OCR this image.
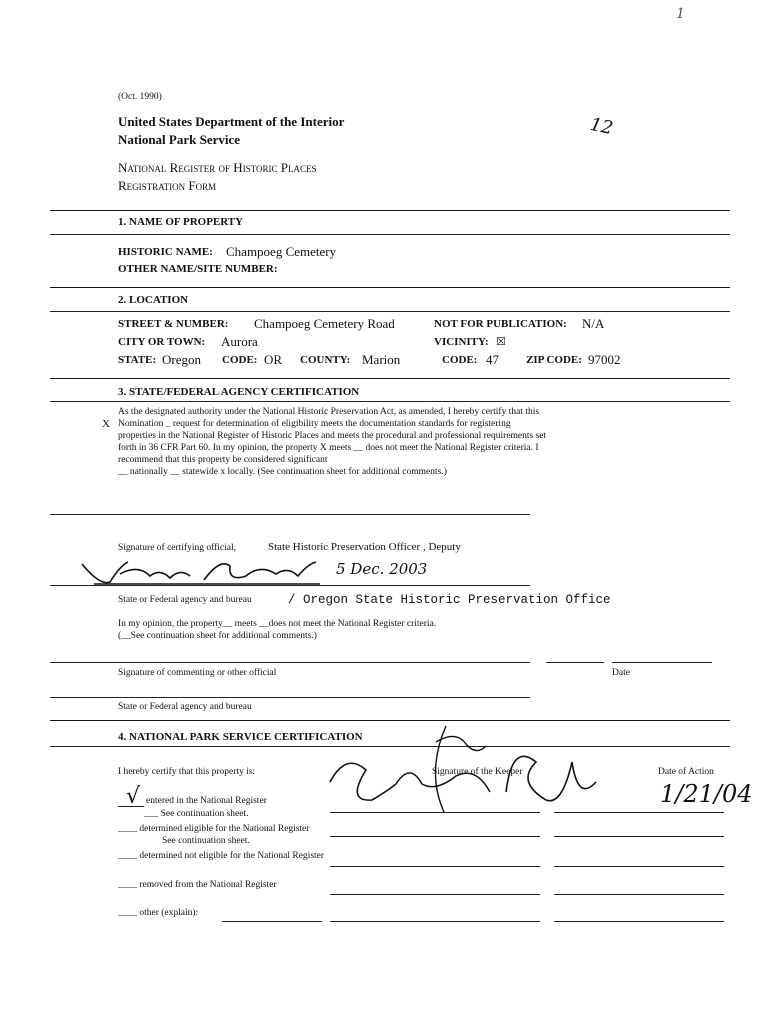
1
12
(Oct. 1990)
United States Department of the Interior
National Park Service
National Register of Historic Places
Registration Form
1. NAME OF PROPERTY
HISTORIC NAME: Champoeg Cemetery
OTHER NAME/SITE NUMBER:
2. LOCATION
STREET & NUMBER: Champoeg Cemetery Road	NOT FOR PUBLICATION: N/A
CITY OR TOWN: Aurora	VICINITY: ☒
STATE: Oregon CODE: OR COUNTY: Marion	CODE: 47 ZIP CODE: 97002
3. STATE/FEDERAL AGENCY CERTIFICATION
X
As the designated authority under the National Historic Preservation Act, as amended, I hereby certify that this
Nomination _ request for determination of eligibility meets the documentation standards for registering
properties in the National Register of Historic Places and meets the procedural and professional requirements set
forth in 36 CFR Part 60. In my opinion, the property X meets __ does not meet the National Register criteria. I
recommend that this property be considered significant
__ nationally __ statewide x locally. (See continuation sheet for additional comments.)
Signature of certifying official,	State Historic Preservation Officer , Deputy
5 Dec. 2003
State or Federal agency and bureau	/ Oregon State Historic Preservation Office
In my opinion, the property__ meets __does not meet the National Register criteria.
(__See continuation sheet for additional comments.)
Signature of commenting or other official	Date
State or Federal agency and bureau
4. NATIONAL PARK SERVICE CERTIFICATION
I hereby certify that this property is:	Signature of the Keeper	Date of Action
1/21/04
√ entered in the National Register
___ See continuation sheet.
____ determined eligible for the National Register
See continuation sheet.
____ determined not eligible for the National Register
____ removed from the National Register
____ other (explain):
